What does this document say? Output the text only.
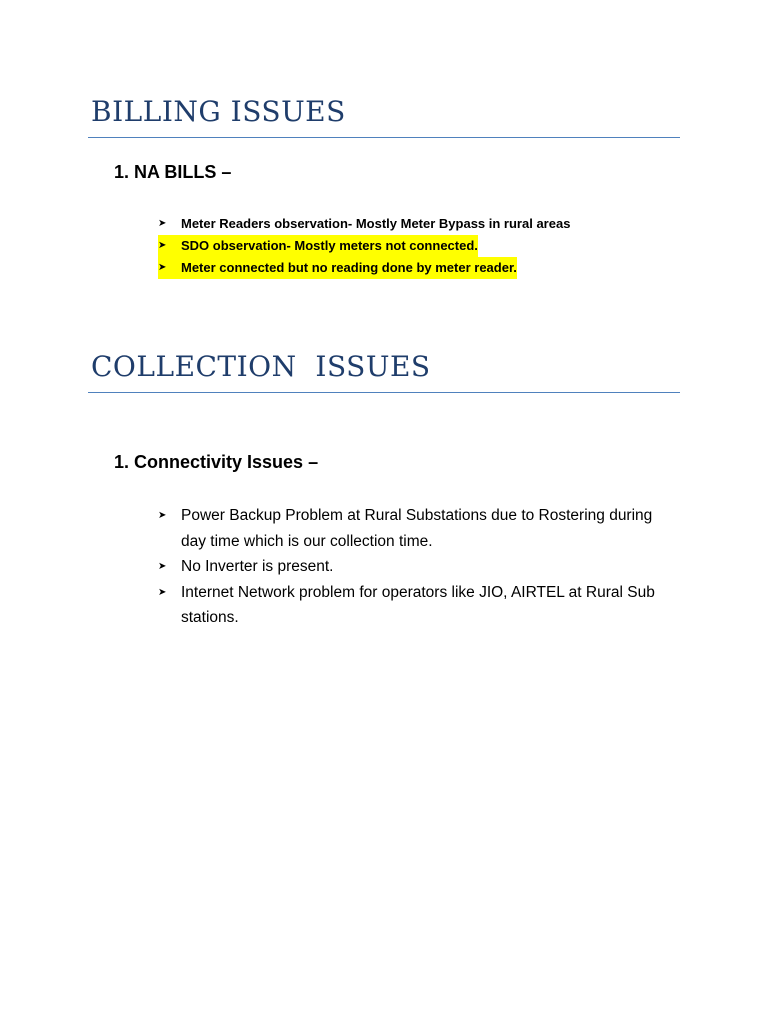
BILLING ISSUES
1. NA BILLS –
➤	Meter Readers observation- Mostly Meter Bypass in rural areas
➤	SDO observation- Mostly meters not connected.
➤	Meter connected but no reading done by meter reader.
COLLECTION  ISSUES
1. Connectivity Issues –
➤ Power Backup Problem at Rural Substations due to Rostering during day time which is our collection time.
➤ No Inverter is present.
➤ Internet Network problem for operators like JIO, AIRTEL at Rural Sub stations.
